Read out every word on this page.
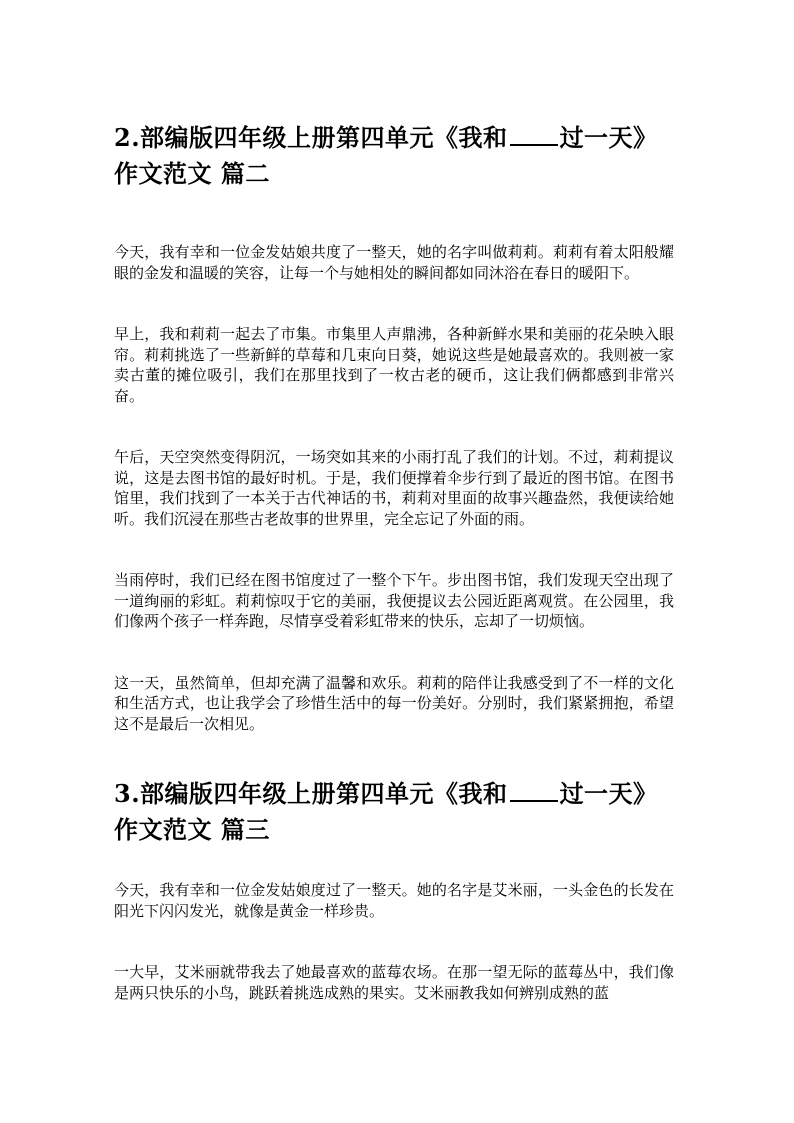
2.部编版四年级上册第四单元《我和 过一天》作文范文 篇二

今天，我有幸和一位金发姑娘共度了一整天，她的名字叫做莉莉。莉莉有着太阳般耀眼的金发和温暖的笑容，让每一个与她相处的瞬间都如同沐浴在春日的暖阳下。

早上，我和莉莉一起去了市集。市集里人声鼎沸，各种新鲜水果和美丽的花朵映入眼帘。莉莉挑选了一些新鲜的草莓和几束向日葵，她说这些是她最喜欢的。我则被一家卖古董的摊位吸引，我们在那里找到了一枚古老的硬币，这让我们俩都感到非常兴奋。

午后，天空突然变得阴沉，一场突如其来的小雨打乱了我们的计划。不过，莉莉提议说，这是去图书馆的最好时机。于是，我们便撑着伞步行到了最近的图书馆。在图书馆里，我们找到了一本关于古代神话的书，莉莉对里面的故事兴趣盎然，我便读给她听。我们沉浸在那些古老故事的世界里，完全忘记了外面的雨。

当雨停时，我们已经在图书馆度过了一整个下午。步出图书馆，我们发现天空出现了一道绚丽的彩虹。莉莉惊叹于它的美丽，我便提议去公园近距离观赏。在公园里，我们像两个孩子一样奔跑，尽情享受着彩虹带来的快乐，忘却了一切烦恼。

这一天，虽然简单，但却充满了温馨和欢乐。莉莉的陪伴让我感受到了不一样的文化和生活方式，也让我学会了珍惜生活中的每一份美好。分别时，我们紧紧拥抱，希望这不是最后一次相见。

3.部编版四年级上册第四单元《我和 过一天》作文范文 篇三

今天，我有幸和一位金发姑娘度过了一整天。她的名字是艾米丽，一头金色的长发在阳光下闪闪发光，就像是黄金一样珍贵。

一大早，艾米丽就带我去了她最喜欢的蓝莓农场。在那一望无际的蓝莓丛中，我们像是两只快乐的小鸟，跳跃着挑选成熟的果实。艾米丽教我如何辨别成熟的蓝
